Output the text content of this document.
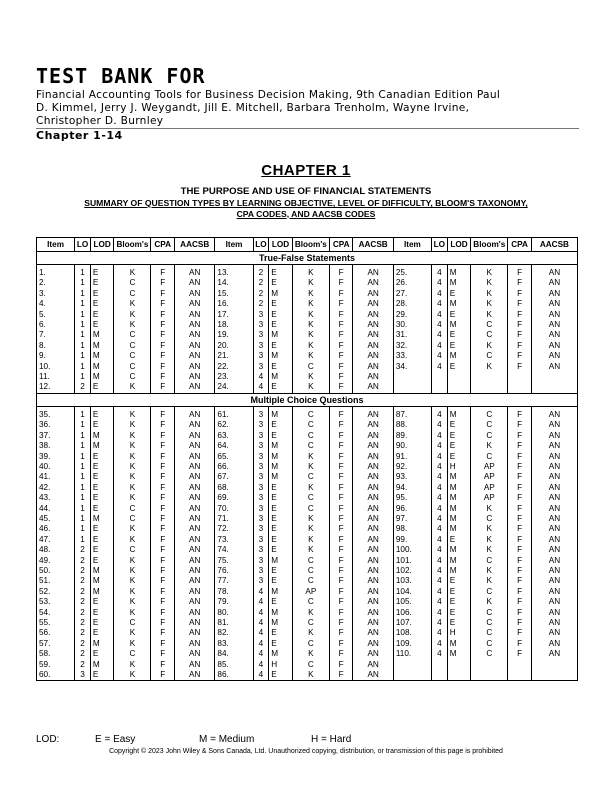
TEST BANK FOR
Financial Accounting Tools for Business Decision Making, 9th Canadian Edition Paul
D. Kimmel, Jerry J. Weygandt, Jill E. Mitchell, Barbara Trenholm, Wayne Irvine,
Christopher D. Burnley
Chapter 1-14
CHAPTER 1
THE PURPOSE AND USE OF FINANCIAL STATEMENTS
SUMMARY OF QUESTION TYPES BY LEARNING OBJECTIVE, LEVEL OF DIFFICULTY, BLOOM'S TAXONOMY,
CPA CODES, AND AACSB CODES
Item	LO	LOD	Bloom's	CPA	AACSB	Item	LO	LOD	Bloom's	CPA	AACSB	Item	LO	LOD	Bloom's	CPA	AACSB
True-False Statements																	
1.	1	E	K	F	AN	13.	2	E	K	F	AN	25.	4	M	K	F	AN
2.	1	E	C	F	AN	14.	2	E	K	F	AN	26.	4	M	K	F	AN
3.	1	E	C	F	AN	15.	2	M	K	F	AN	27.	4	E	K	F	AN
4.	1	E	K	F	AN	16.	2	E	K	F	AN	28.	4	M	K	F	AN
5.	1	E	K	F	AN	17.	3	E	K	F	AN	29.	4	E	K	F	AN
6.	1	E	K	F	AN	18.	3	E	K	F	AN	30.	4	M	C	F	AN
7.	1	M	C	F	AN	19.	3	M	K	F	AN	31.	4	E	C	F	AN
8.	1	M	C	F	AN	20.	3	E	K	F	AN	32.	4	E	K	F	AN
9.	1	M	C	F	AN	21.	3	M	K	F	AN	33.	4	M	C	F	AN
10.	1	M	C	F	AN	22.	3	E	C	F	AN	34.	4	E	K	F	AN
11.	1	M	C	F	AN	23.	4	M	K	F	AN						
12.	2	E	K	F	AN	24.	4	E	K	F	AN						
Multiple Choice Questions																	
35.	1	E	K	F	AN	61.	3	M	C	F	AN	87.	4	M	C	F	AN
36.	1	E	K	F	AN	62.	3	E	C	F	AN	88.	4	E	C	F	AN
37.	1	M	K	F	AN	63.	3	E	C	F	AN	89.	4	E	C	F	AN
38.	1	M	K	F	AN	64.	3	M	C	F	AN	90.	4	E	K	F	AN
39.	1	E	K	F	AN	65.	3	M	K	F	AN	91.	4	E	C	F	AN
40.	1	E	K	F	AN	66.	3	M	K	F	AN	92.	4	H	AP	F	AN
41.	1	E	K	F	AN	67.	3	M	C	F	AN	93.	4	M	AP	F	AN
42.	1	E	K	F	AN	68.	3	E	K	F	AN	94.	4	M	AP	F	AN
43.	1	E	K	F	AN	69.	3	E	C	F	AN	95.	4	M	AP	F	AN
44.	1	E	C	F	AN	70.	3	E	C	F	AN	96.	4	M	K	F	AN
45.	1	M	C	F	AN	71.	3	E	K	F	AN	97.	4	M	C	F	AN
46.	1	E	K	F	AN	72.	3	E	K	F	AN	98.	4	M	K	F	AN
47.	1	E	K	F	AN	73.	3	E	K	F	AN	99.	4	E	K	F	AN
48.	2	E	C	F	AN	74.	3	E	K	F	AN	100.	4	M	K	F	AN
49.	2	E	K	F	AN	75.	3	M	C	F	AN	101.	4	M	C	F	AN
50.	2	M	K	F	AN	76.	3	E	C	F	AN	102.	4	M	K	F	AN
51.	2	M	K	F	AN	77.	3	E	C	F	AN	103.	4	E	K	F	AN
52.	2	M	K	F	AN	78.	4	M	AP	F	AN	104.	4	E	C	F	AN
53.	2	E	K	F	AN	79.	4	E	C	F	AN	105.	4	E	K	F	AN
54.	2	E	K	F	AN	80.	4	M	K	F	AN	106.	4	E	C	F	AN
55.	2	E	C	F	AN	81.	4	M	C	F	AN	107.	4	E	C	F	AN
56.	2	E	K	F	AN	82.	4	E	K	F	AN	108.	4	H	C	F	AN
57.	2	M	K	F	AN	83.	4	E	C	F	AN	109.	4	M	C	F	AN
58.	2	E	C	F	AN	84.	4	M	K	F	AN	110.	4	M	C	F	AN
59.	2	M	K	F	AN	85.	4	H	C	F	AN						
60.	3	E	K	F	AN	86.	4	E	K	F	AN						
LOD:	E = Easy	M = Medium	H = Hard
Copyright © 2023 John Wiley & Sons Canada, Ltd. Unauthorized copying, distribution, or transmission of this page is prohibited
